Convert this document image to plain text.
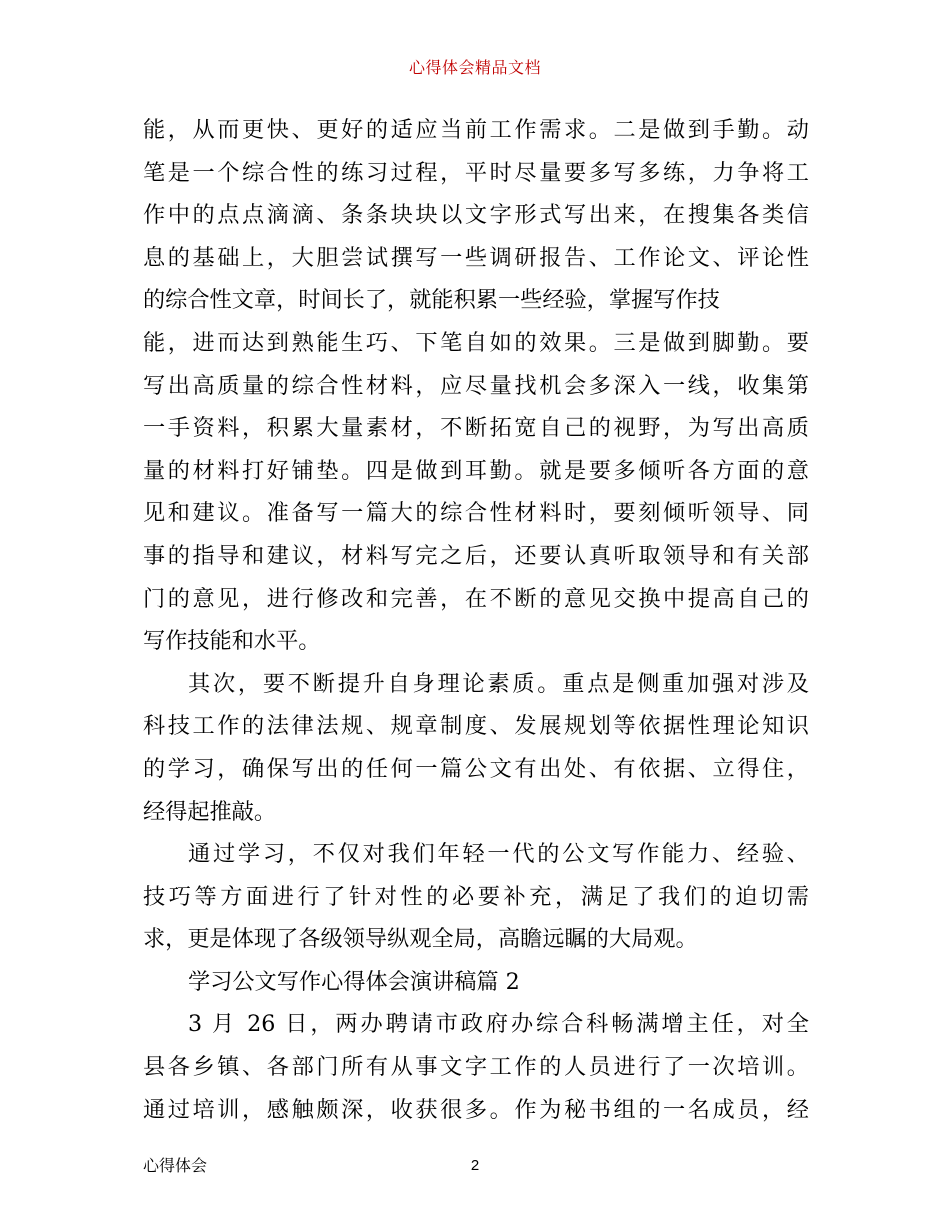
心得体会精品文档
能，从而更快、更好的适应当前工作需求。二是做到手勤。动
笔是一个综合性的练习过程，平时尽量要多写多练，力争将工
作中的点点滴滴、条条块块以文字形式写出来，在搜集各类信
息的基础上，大胆尝试撰写一些调研报告、工作论文、评论性
的综合性文章，时间长了，就能积累一些经验，掌握写作技
能，进而达到熟能生巧、下笔自如的效果。三是做到脚勤。要
写出高质量的综合性材料，应尽量找机会多深入一线，收集第
一手资料，积累大量素材，不断拓宽自己的视野，为写出高质
量的材料打好铺垫。四是做到耳勤。就是要多倾听各方面的意
见和建议。准备写一篇大的综合性材料时，要刻倾听领导、同
事的指导和建议，材料写完之后，还要认真听取领导和有关部
门的意见，进行修改和完善，在不断的意见交换中提高自己的
写作技能和水平。
其次，要不断提升自身理论素质。重点是侧重加强对涉及
科技工作的法律法规、规章制度、发展规划等依据性理论知识
的学习，确保写出的任何一篇公文有出处、有依据、立得住，
经得起推敲。
通过学习，不仅对我们年轻一代的公文写作能力、经验、
技巧等方面进行了针对性的必要补充，满足了我们的迫切需
求，更是体现了各级领导纵观全局，高瞻远瞩的大局观。
学习公文写作心得体会演讲稿篇 2
3 月 26 日，两办聘请市政府办综合科畅满增主任，对全
县各乡镇、各部门所有从事文字工作的人员进行了一次培训。
通过培训，感触颇深，收获很多。作为秘书组的一名成员，经
心得体会	2
